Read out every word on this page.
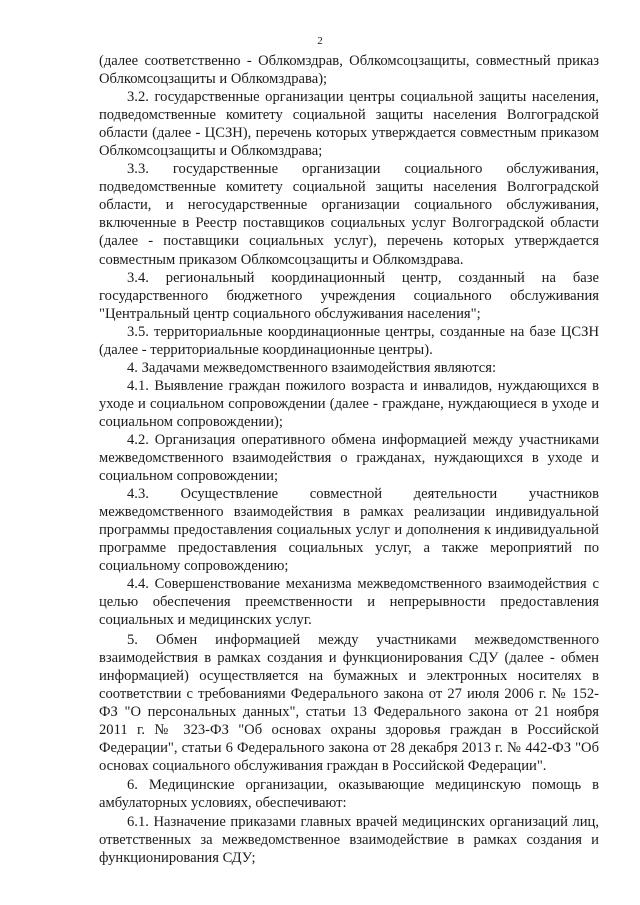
2

(далее соответственно - Облкомздрав, Облкомсоцзащиты, совместный приказ Облкомсоцзащиты и Облкомздрава);

3.2. государственные организации центры социальной защиты населения, подведомственные комитету социальной защиты населения Волгоградской области (далее - ЦСЗН), перечень которых утверждается совместным приказом Облкомсоцзащиты и Облкомздрава;

3.3. государственные организации социального обслуживания, подведомственные комитету социальной защиты населения Волгоградской области, и негосударственные организации социального обслуживания, включенные в Реестр поставщиков социальных услуг Волгоградской области (далее - поставщики социальных услуг), перечень которых утверждается совместным приказом Облкомсоцзащиты и Облкомздрава.

3.4. региональный координационный центр, созданный на базе государственного бюджетного учреждения социального обслуживания "Центральный центр социального обслуживания населения";

3.5. территориальные координационные центры, созданные на базе ЦСЗН (далее - территориальные координационные центры).

4. Задачами межведомственного взаимодействия являются:

4.1. Выявление граждан пожилого возраста и инвалидов, нуждающихся в уходе и социальном сопровождении (далее - граждане, нуждающиеся в уходе и социальном сопровождении);

4.2. Организация оперативного обмена информацией между участниками межведомственного взаимодействия о гражданах, нуждающихся в уходе и социальном сопровождении;

4.3. Осуществление совместной деятельности участников межведомственного взаимодействия в рамках реализации индивидуальной программы предоставления социальных услуг и дополнения к индивидуальной программе предоставления социальных услуг, а также мероприятий по социальному сопровождению;

4.4. Совершенствование механизма межведомственного взаимодействия с целью обеспечения преемственности и непрерывности предоставления социальных и медицинских услуг.

5. Обмен информацией между участниками межведомственного взаимодействия в рамках создания и функционирования СДУ (далее - обмен информацией) осуществляется на бумажных и электронных носителях в соответствии с требованиями Федерального закона от 27 июля 2006 г. № 152-ФЗ "О персональных данных", статьи 13 Федерального закона от 21 ноября 2011 г. № 323-ФЗ "Об основах охраны здоровья граждан в Российской Федерации", статьи 6 Федерального закона от 28 декабря 2013 г. № 442-ФЗ "Об основах социального обслуживания граждан в Российской Федерации".

6. Медицинские организации, оказывающие медицинскую помощь в амбулаторных условиях, обеспечивают:

6.1. Назначение приказами главных врачей медицинских организаций лиц, ответственных за межведомственное взаимодействие в рамках создания и функционирования СДУ;
